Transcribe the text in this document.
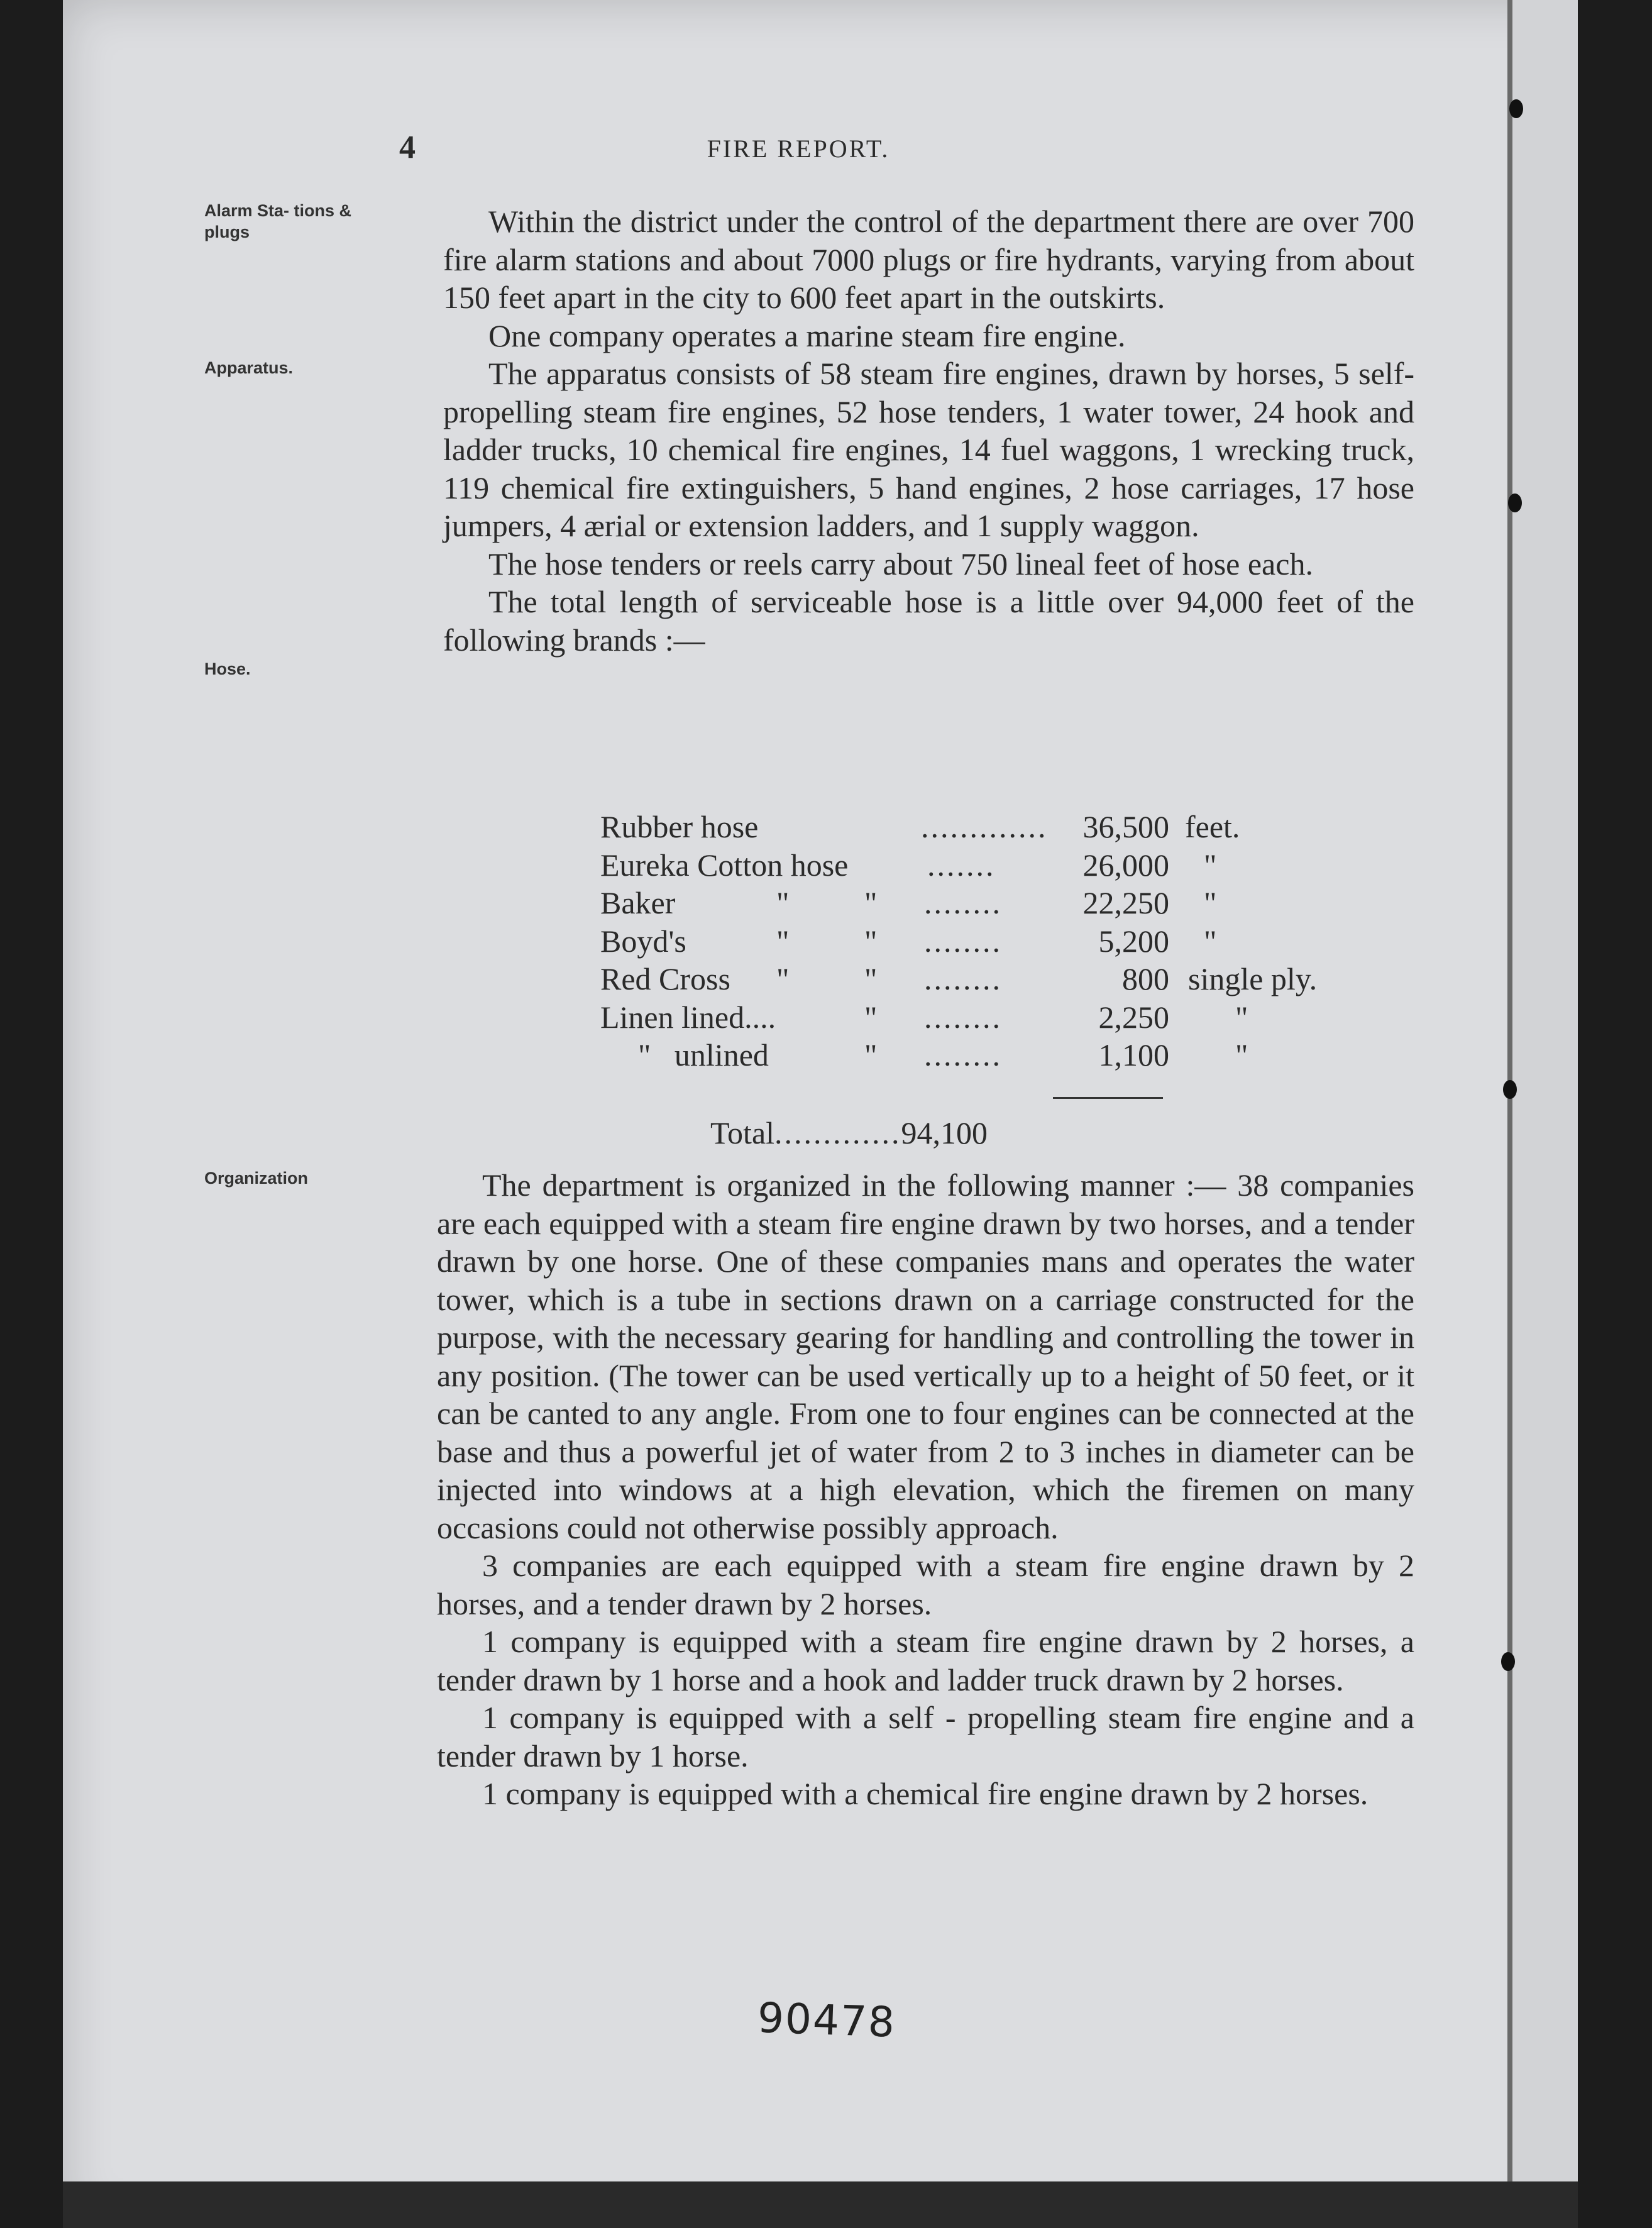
4	FIRE REPORT.
Alarm Sta- tions & plugs
Apparatus.
Hose.
Organization

Within the district under the control of the department there are over 700 fire alarm stations and about 7000 plugs or fire hydrants, varying from about 150 feet apart in the city to 600 feet apart in the outskirts.

One company operates a marine steam fire engine.

The apparatus consists of 58 steam fire engines, drawn by horses, 5 self-propelling steam fire engines, 52 hose tenders, 1 water tower, 24 hook and ladder trucks, 10 chemical fire engines, 14 fuel waggons, 1 wrecking truck, 119 chemical fire extinguishers, 5 hand engines, 2 hose carriages, 17 hose jumpers, 4 ærial or extension ladders, and 1 supply waggon.

The hose tenders or reels carry about 750 lineal feet of hose each.

The total length of serviceable hose is a little over 94,000 feet of the following brands :—

Rubber hose	.............	36,500 feet.
Eureka Cotton hose	.......	26,000 "
Baker	" " ........	22,250 "
Boyd's	" " ........	5,200 "
Red Cross " " ........	800 single ply.
Linen lined....	" ........	2,250 "
"   unlined	" ........	1,100 "
Total.............94,100

The department is organized in the following manner :— 38 companies are each equipped with a steam fire engine drawn by two horses, and a tender drawn by one horse. One of these companies mans and operates the water tower, which is a tube in sections drawn on a carriage constructed for the purpose, with the necessary gearing for handling and controlling the tower in any position. (The tower can be used vertically up to a height of 50 feet, or it can be canted to any angle. From one to four engines can be connected at the base and thus a powerful jet of water from 2 to 3 inches in diameter can be injected into windows at a high elevation, which the firemen on many occasions could not otherwise possibly approach.

3 companies are each equipped with a steam fire engine drawn by 2 horses, and a tender drawn by 2 horses.

1 company is equipped with a steam fire engine drawn by 2 horses, a tender drawn by 1 horse and a hook and ladder truck drawn by 2 horses.

1 company is equipped with a self - propelling steam fire engine and a tender drawn by 1 horse.

1 company is equipped with a chemical fire engine drawn by 2 horses.

90478
